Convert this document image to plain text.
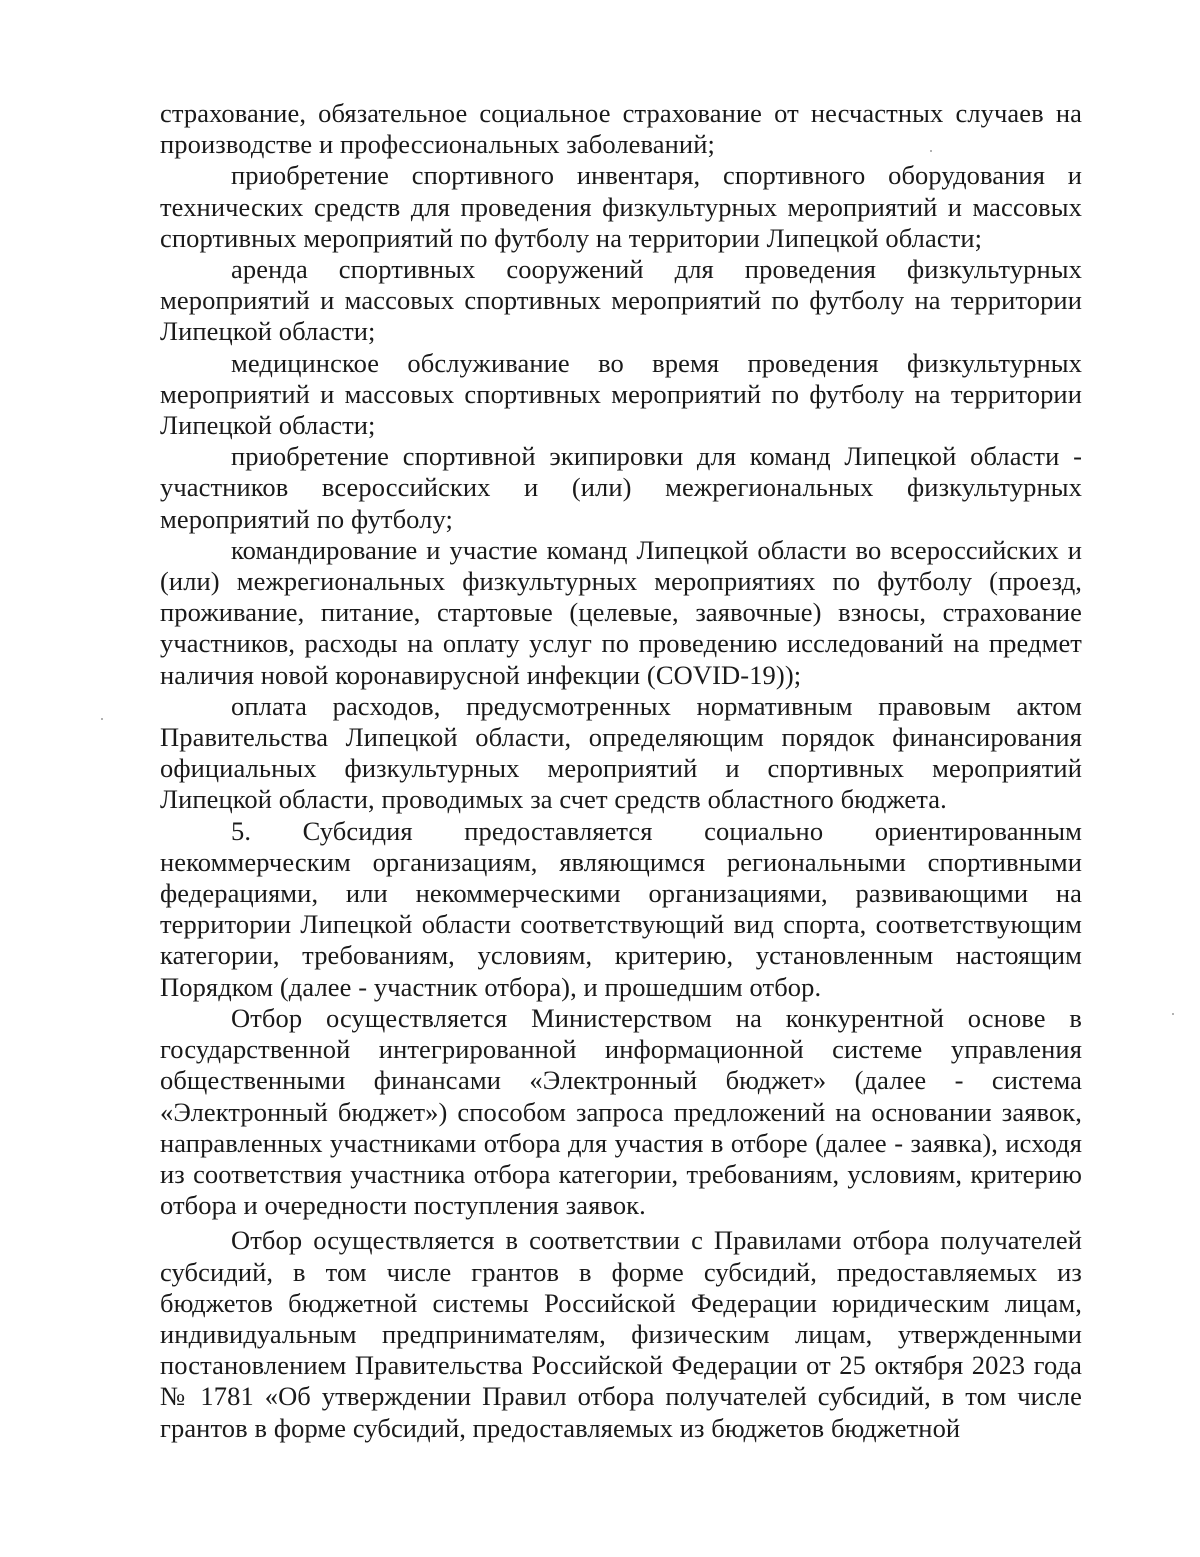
страхование, обязательное социальное страхование от несчастных случаев на производстве и профессиональных заболеваний;

приобретение спортивного инвентаря, спортивного оборудования и технических средств для проведения физкультурных мероприятий и массовых спортивных мероприятий по футболу на территории Липецкой области;

аренда спортивных сооружений для проведения физкультурных мероприятий и массовых спортивных мероприятий по футболу на территории Липецкой области;

медицинское обслуживание во время проведения физкультурных мероприятий и массовых спортивных мероприятий по футболу на территории Липецкой области;

приобретение спортивной экипировки для команд Липецкой области - участников всероссийских и (или) межрегиональных физкультурных мероприятий по футболу;

командирование и участие команд Липецкой области во всероссийских и (или) межрегиональных физкультурных мероприятиях по футболу (проезд, проживание, питание, стартовые (целевые, заявочные) взносы, страхование участников, расходы на оплату услуг по проведению исследований на предмет наличия новой коронавирусной инфекции (COVID-19));

оплата расходов, предусмотренных нормативным правовым актом Правительства Липецкой области, определяющим порядок финансирования официальных физкультурных мероприятий и спортивных мероприятий Липецкой области, проводимых за счет средств областного бюджета.

5. Субсидия предоставляется социально ориентированным некоммерческим организациям, являющимся региональными спортивными федерациями, или некоммерческими организациями, развивающими на территории Липецкой области соответствующий вид спорта, соответствующим категории, требованиям, условиям, критерию, установленным настоящим Порядком (далее - участник отбора), и прошедшим отбор.

Отбор осуществляется Министерством на конкурентной основе в государственной интегрированной информационной системе управления общественными финансами «Электронный бюджет» (далее - система «Электронный бюджет») способом запроса предложений на основании заявок, направленных участниками отбора для участия в отборе (далее - заявка), исходя из соответствия участника отбора категории, требованиям, условиям, критерию отбора и очередности поступления заявок.

Отбор осуществляется в соответствии с Правилами отбора получателей субсидий, в том числе грантов в форме субсидий, предоставляемых из бюджетов бюджетной системы Российской Федерации юридическим лицам, индивидуальным предпринимателям, физическим лицам, утвержденными постановлением Правительства Российской Федерации от 25 октября 2023 года № 1781 «Об утверждении Правил отбора получателей субсидий, в том числе грантов в форме субсидий, предоставляемых из бюджетов бюджетной
